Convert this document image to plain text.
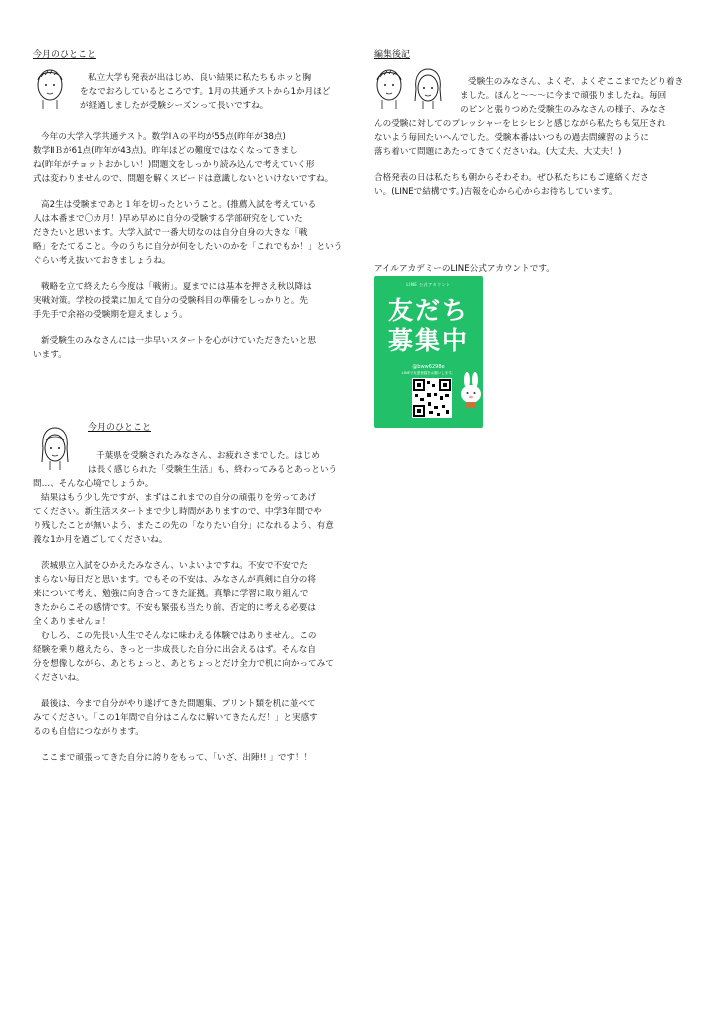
今月のひとこと

私立大学も発表が出はじめ、良い結果に私たちもホッと胸

をなでおろしているところです。1月の共通テストから1か月ほど

が経過しましたが受験シーズンって長いですね。

今年の大学入学共通テスト。数学ⅠＡの平均が55点(昨年が38点)

数学ⅡＢが61点(昨年が43点)。昨年ほどの難度ではなくなってきまし

ね(昨年がチョットおかしい！)問題文をしっかり読み込んで考えていく形

式は変わりませんので、問題を解くスピードは意識しないといけないですね。

高2生は受験まであと１年を切ったということ。(推薦入試を考えている

人は本番まで〇カ月！)早め早めに自分の受験する学部研究をしていた

だきたいと思います。大学入試で一番大切なのは自分自身の大きな「戦

略」をたてること。今のうちに自分が何をしたいのかを「これでもか！」という

ぐらい考え抜いておきましょうね。

戦略を立て終えたら今度は「戦術」。夏までには基本を押さえ秋以降は

実戦対策。学校の授業に加えて自分の受験科目の準備をしっかりと。先

手先手で余裕の受験期を迎えましょう。

新受験生のみなさんには一歩早いスタートを心がけていただきたいと思

います。

今月のひとこと

千葉県を受験されたみなさん、お疲れさまでした。はじめ

は長く感じられた「受験生生活」も、終わってみるとあっという

間…、そんな心境でしょうか。

結果はもう少し先ですが、まずはこれまでの自分の頑張りを労ってあげ

てください。新生活スタートまで少し時間がありますので、中学3年間でや

り残したことが無いよう、またこの先の「なりたい自分」になれるよう、有意

義な1か月を過ごしてくださいね。

茨城県立入試をひかえたみなさん、いよいよですね。不安で不安でた

まらない毎日だと思います。でもその不安は、みなさんが真剣に自分の将

来について考え、勉強に向き合ってきた証拠。真摯に学習に取り組んで

きたからこその感情です。不安も緊張も当たり前、否定的に考える必要は

全くありませんョ！

むしろ、この先長い人生でそんなに味わえる体験ではありません。この

経験を乗り越えたら、きっと一歩成長した自分に出会えるはず。そんな自

分を想像しながら、あとちょっと、あとちょっとだけ全力で机に向かってみて

くださいね。

最後は、今まで自分がやり遂げてきた問題集、プリント類を机に並べて

みてください。「この1年間で自分はこんなに解いてきたんだ！」と実感す

るのも自信につながります。

ここまで頑張ってきた自分に誇りをもって、「いざ、出陣!! 」です！！

編集後記

受験生のみなさん、よくぞ、よくぞここまでたどり着き

ました。ほんと～～～に今まで頑張りましたね。毎回

のピンと張りつめた受験生のみなさんの様子、みなさ

んの受験に対してのプレッシャーをヒシヒシと感じながら私たちも気圧され

ないよう毎回たいへんでした。受験本番はいつもの過去問練習のように

落ち着いて問題にあたってきてくださいね。(大丈夫、大丈夫！)

合格発表の日は私たちも朝からそわそわ。ぜひ私たちにもご連絡くださ

い。(LINEで結構です。)吉報を心から心からお待ちしています。

アイルアカデミーのLINE公式アカウントです。
LINE 公式アカウント
友だち
募集中
@bww6298e
LINEで友達登録をお願いします。
